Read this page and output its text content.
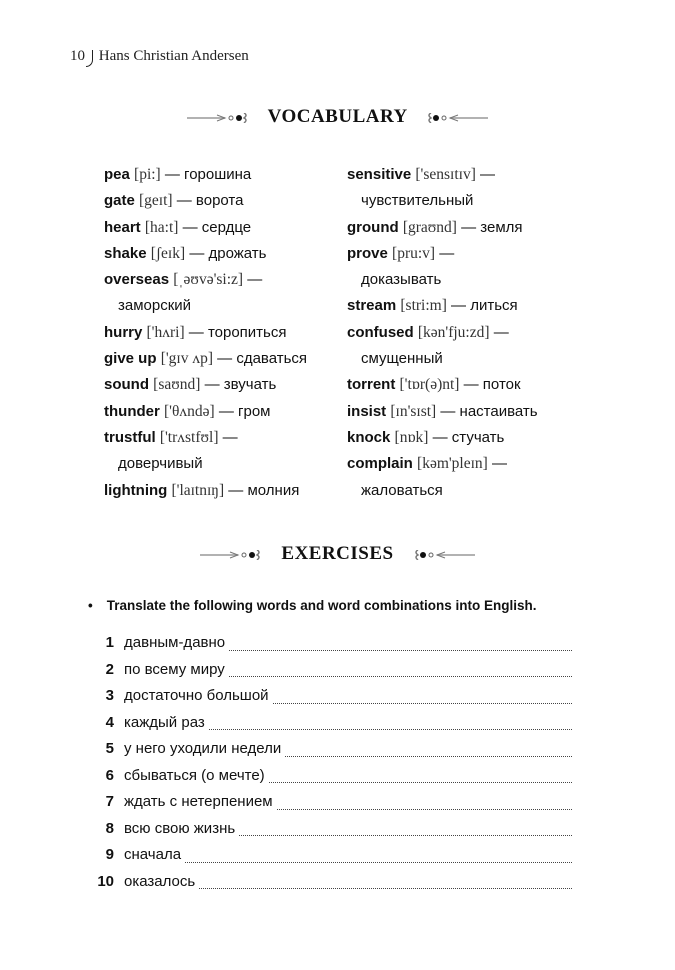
10 Hans Christian Andersen
VOCABULARY
pea [pi:] — горошина
gate [geɪt] — ворота
heart [ha:t] — сердце
shake [ʃeɪk] — дрожать
overseas [ˌəʊvə'si:z] —
заморский
hurry ['hʌri] — торопиться
give up ['gɪv ʌp] — сдаваться
sound [saʊnd] — звучать
thunder ['θʌndə] — гром
trustful ['trʌstfʊl] —
доверчивый
lightning ['laɪtnɪŋ] — молния
sensitive ['sensɪtɪv] —
чувствительный
ground [graʊnd] — земля
prove [pru:v] —
доказывать
stream [stri:m] — литься
confused [kən'fju:zd] —
смущенный
torrent ['tɒr(ə)nt] — поток
insist [ɪn'sɪst] — настаивать
knock [nɒk] — стучать
complain [kəm'pleɪn] —
жаловаться
EXERCISES
• Translate the following words and word combinations into English.
1 давным-давно
2 по всему миру
3 достаточно большой
4 каждый раз
5 у него уходили недели
6 сбываться (о мечте)
7 ждать с нетерпением
8 всю свою жизнь
9 сначала
10 оказалось
